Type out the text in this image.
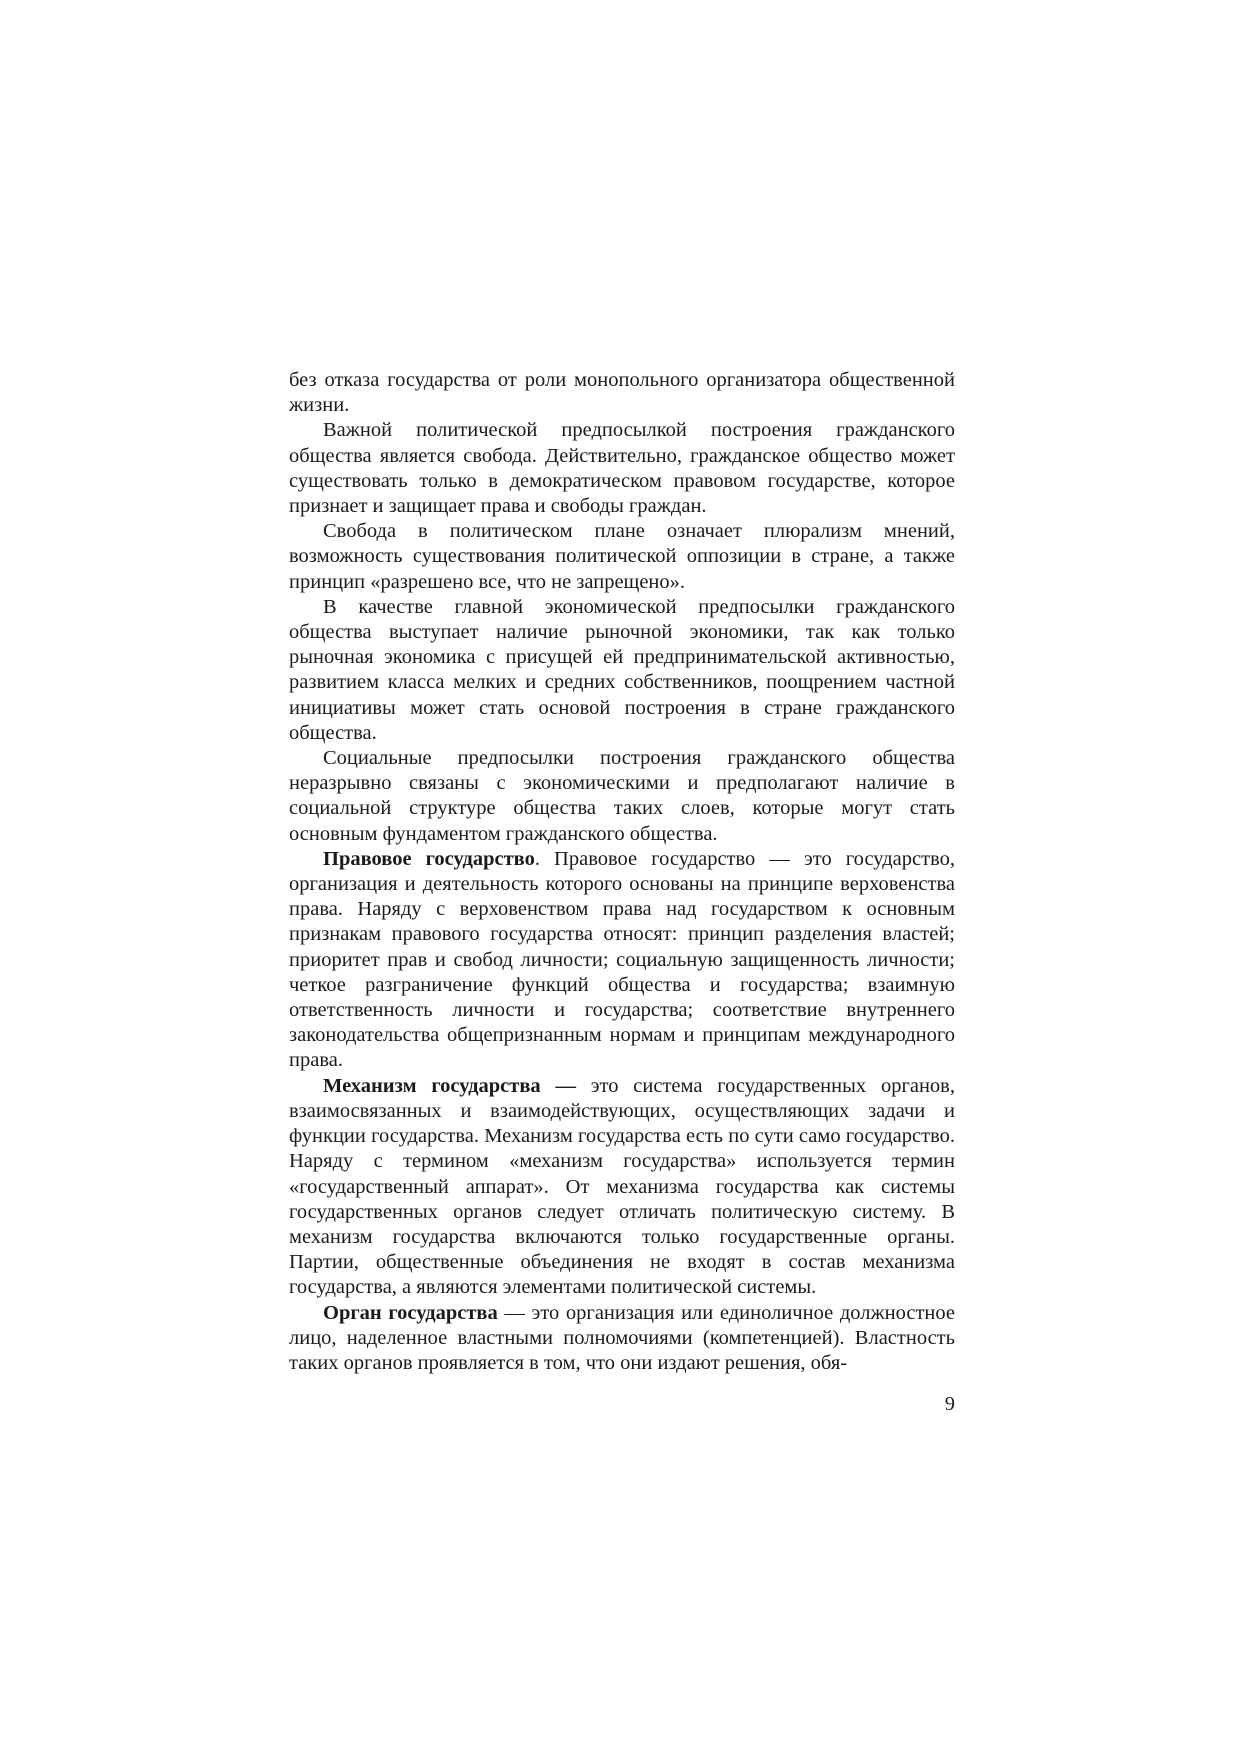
без отказа государства от роли монопольного организатора общественной жизни.

Важной политической предпосылкой построения гражданского общества является свобода. Действительно, гражданское общество может существовать только в демократическом правовом государстве, которое признает и защищает права и свободы граждан.

Свобода в политическом плане означает плюрализм мнений, возможность существования политической оппозиции в стране, а также принцип «разрешено все, что не запрещено».

В качестве главной экономической предпосылки гражданского общества выступает наличие рыночной экономики, так как только рыночная экономика с присущей ей предпринимательской активностью, развитием класса мелких и средних собственников, поощрением частной инициативы может стать основой построения в стране гражданского общества.

Социальные предпосылки построения гражданского общества неразрывно связаны с экономическими и предполагают наличие в социальной структуре общества таких слоев, которые могут стать основным фундаментом гражданского общества.

Правовое государство. Правовое государство — это государство, организация и деятельность которого основаны на принципе верховенства права. Наряду с верховенством права над государством к основным признакам правового государства относят: принцип разделения властей; приоритет прав и свобод личности; социальную защищенность личности; четкое разграничение функций общества и государства; взаимную ответственность личности и государства; соответствие внутреннего законодательства общепризнанным нормам и принципам международного права.

Механизм государства — это система государственных органов, взаимосвязанных и взаимодействующих, осуществляющих задачи и функции государства. Механизм государства есть по сути само государство. Наряду с термином «механизм государства» используется термин «государственный аппарат». От механизма государства как системы государственных органов следует отличать политическую систему. В механизм государства включаются только государственные органы. Партии, общественные объединения не входят в состав механизма государства, а являются элементами политической системы.

Орган государства — это организация или единоличное должностное лицо, наделенное властными полномочиями (компетенцией). Властность таких органов проявляется в том, что они издают решения, обя-

9
